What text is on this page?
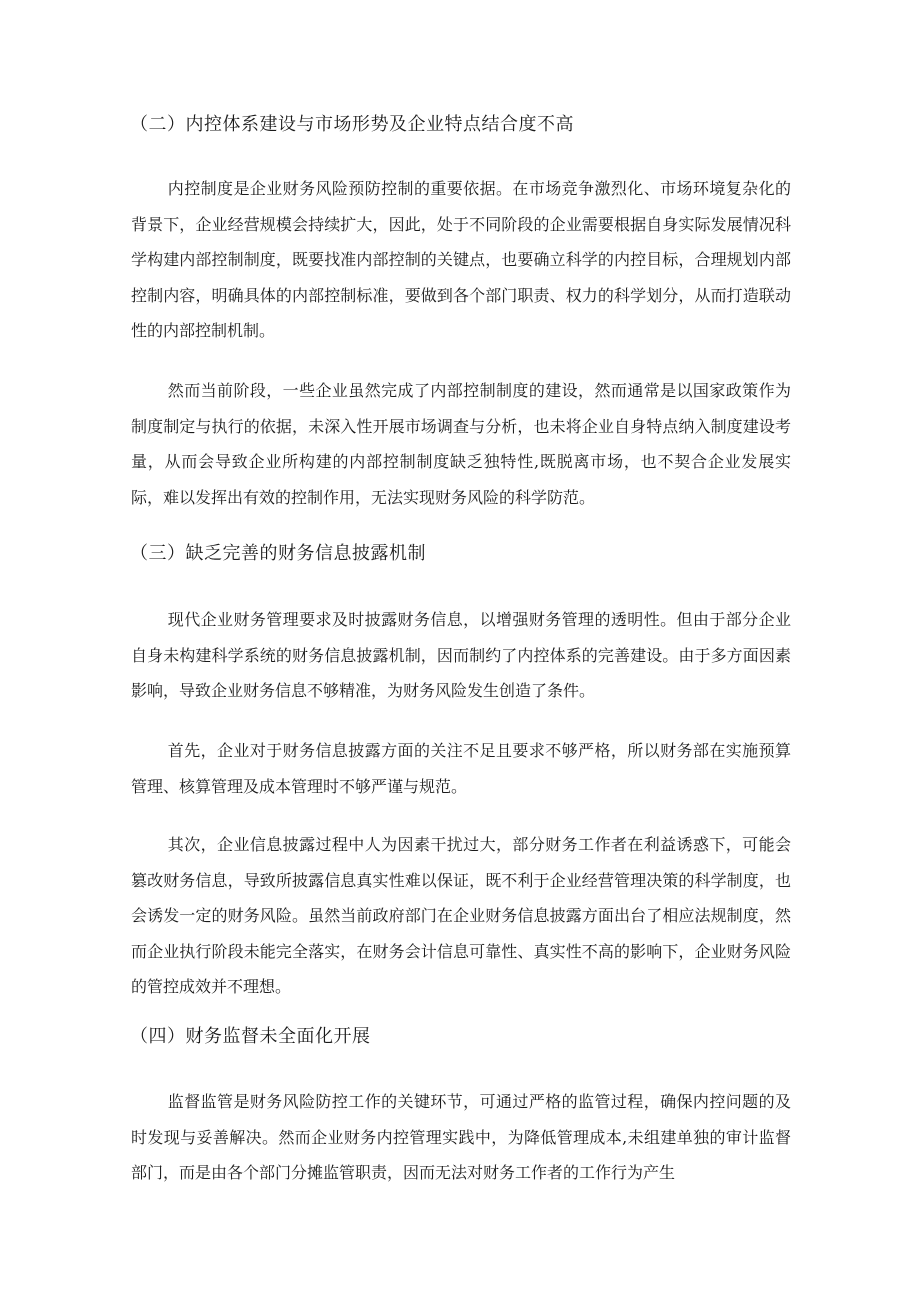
（二）内控体系建设与市场形势及企业特点结合度不高

内控制度是企业财务风险预防控制的重要依据。在市场竞争激烈化、市场环境复杂化的背景下，企业经营规模会持续扩大，因此，处于不同阶段的企业需要根据自身实际发展情况科学构建内部控制制度，既要找准内部控制的关键点，也要确立科学的内控目标，合理规划内部控制内容，明确具体的内部控制标准，要做到各个部门职责、权力的科学划分，从而打造联动性的内部控制机制。

然而当前阶段，一些企业虽然完成了内部控制制度的建设，然而通常是以国家政策作为制度制定与执行的依据，未深入性开展市场调查与分析，也未将企业自身特点纳入制度建设考量，从而会导致企业所构建的内部控制制度缺乏独特性,既脱离市场，也不契合企业发展实际，难以发挥出有效的控制作用，无法实现财务风险的科学防范。

（三）缺乏完善的财务信息披露机制

现代企业财务管理要求及时披露财务信息，以增强财务管理的透明性。但由于部分企业自身未构建科学系统的财务信息披露机制，因而制约了内控体系的完善建设。由于多方面因素影响，导致企业财务信息不够精准，为财务风险发生创造了条件。

首先，企业对于财务信息披露方面的关注不足且要求不够严格，所以财务部在实施预算管理、核算管理及成本管理时不够严谨与规范。

其次，企业信息披露过程中人为因素干扰过大，部分财务工作者在利益诱惑下，可能会篡改财务信息，导致所披露信息真实性难以保证，既不利于企业经营管理决策的科学制度，也会诱发一定的财务风险。虽然当前政府部门在企业财务信息披露方面出台了相应法规制度，然而企业执行阶段未能完全落实，在财务会计信息可靠性、真实性不高的影响下，企业财务风险的管控成效并不理想。

（四）财务监督未全面化开展

监督监管是财务风险防控工作的关键环节，可通过严格的监管过程，确保内控问题的及时发现与妥善解决。然而企业财务内控管理实践中，为降低管理成本,未组建单独的审计监督部门，而是由各个部门分摊监管职责，因而无法对财务工作者的工作行为产生
